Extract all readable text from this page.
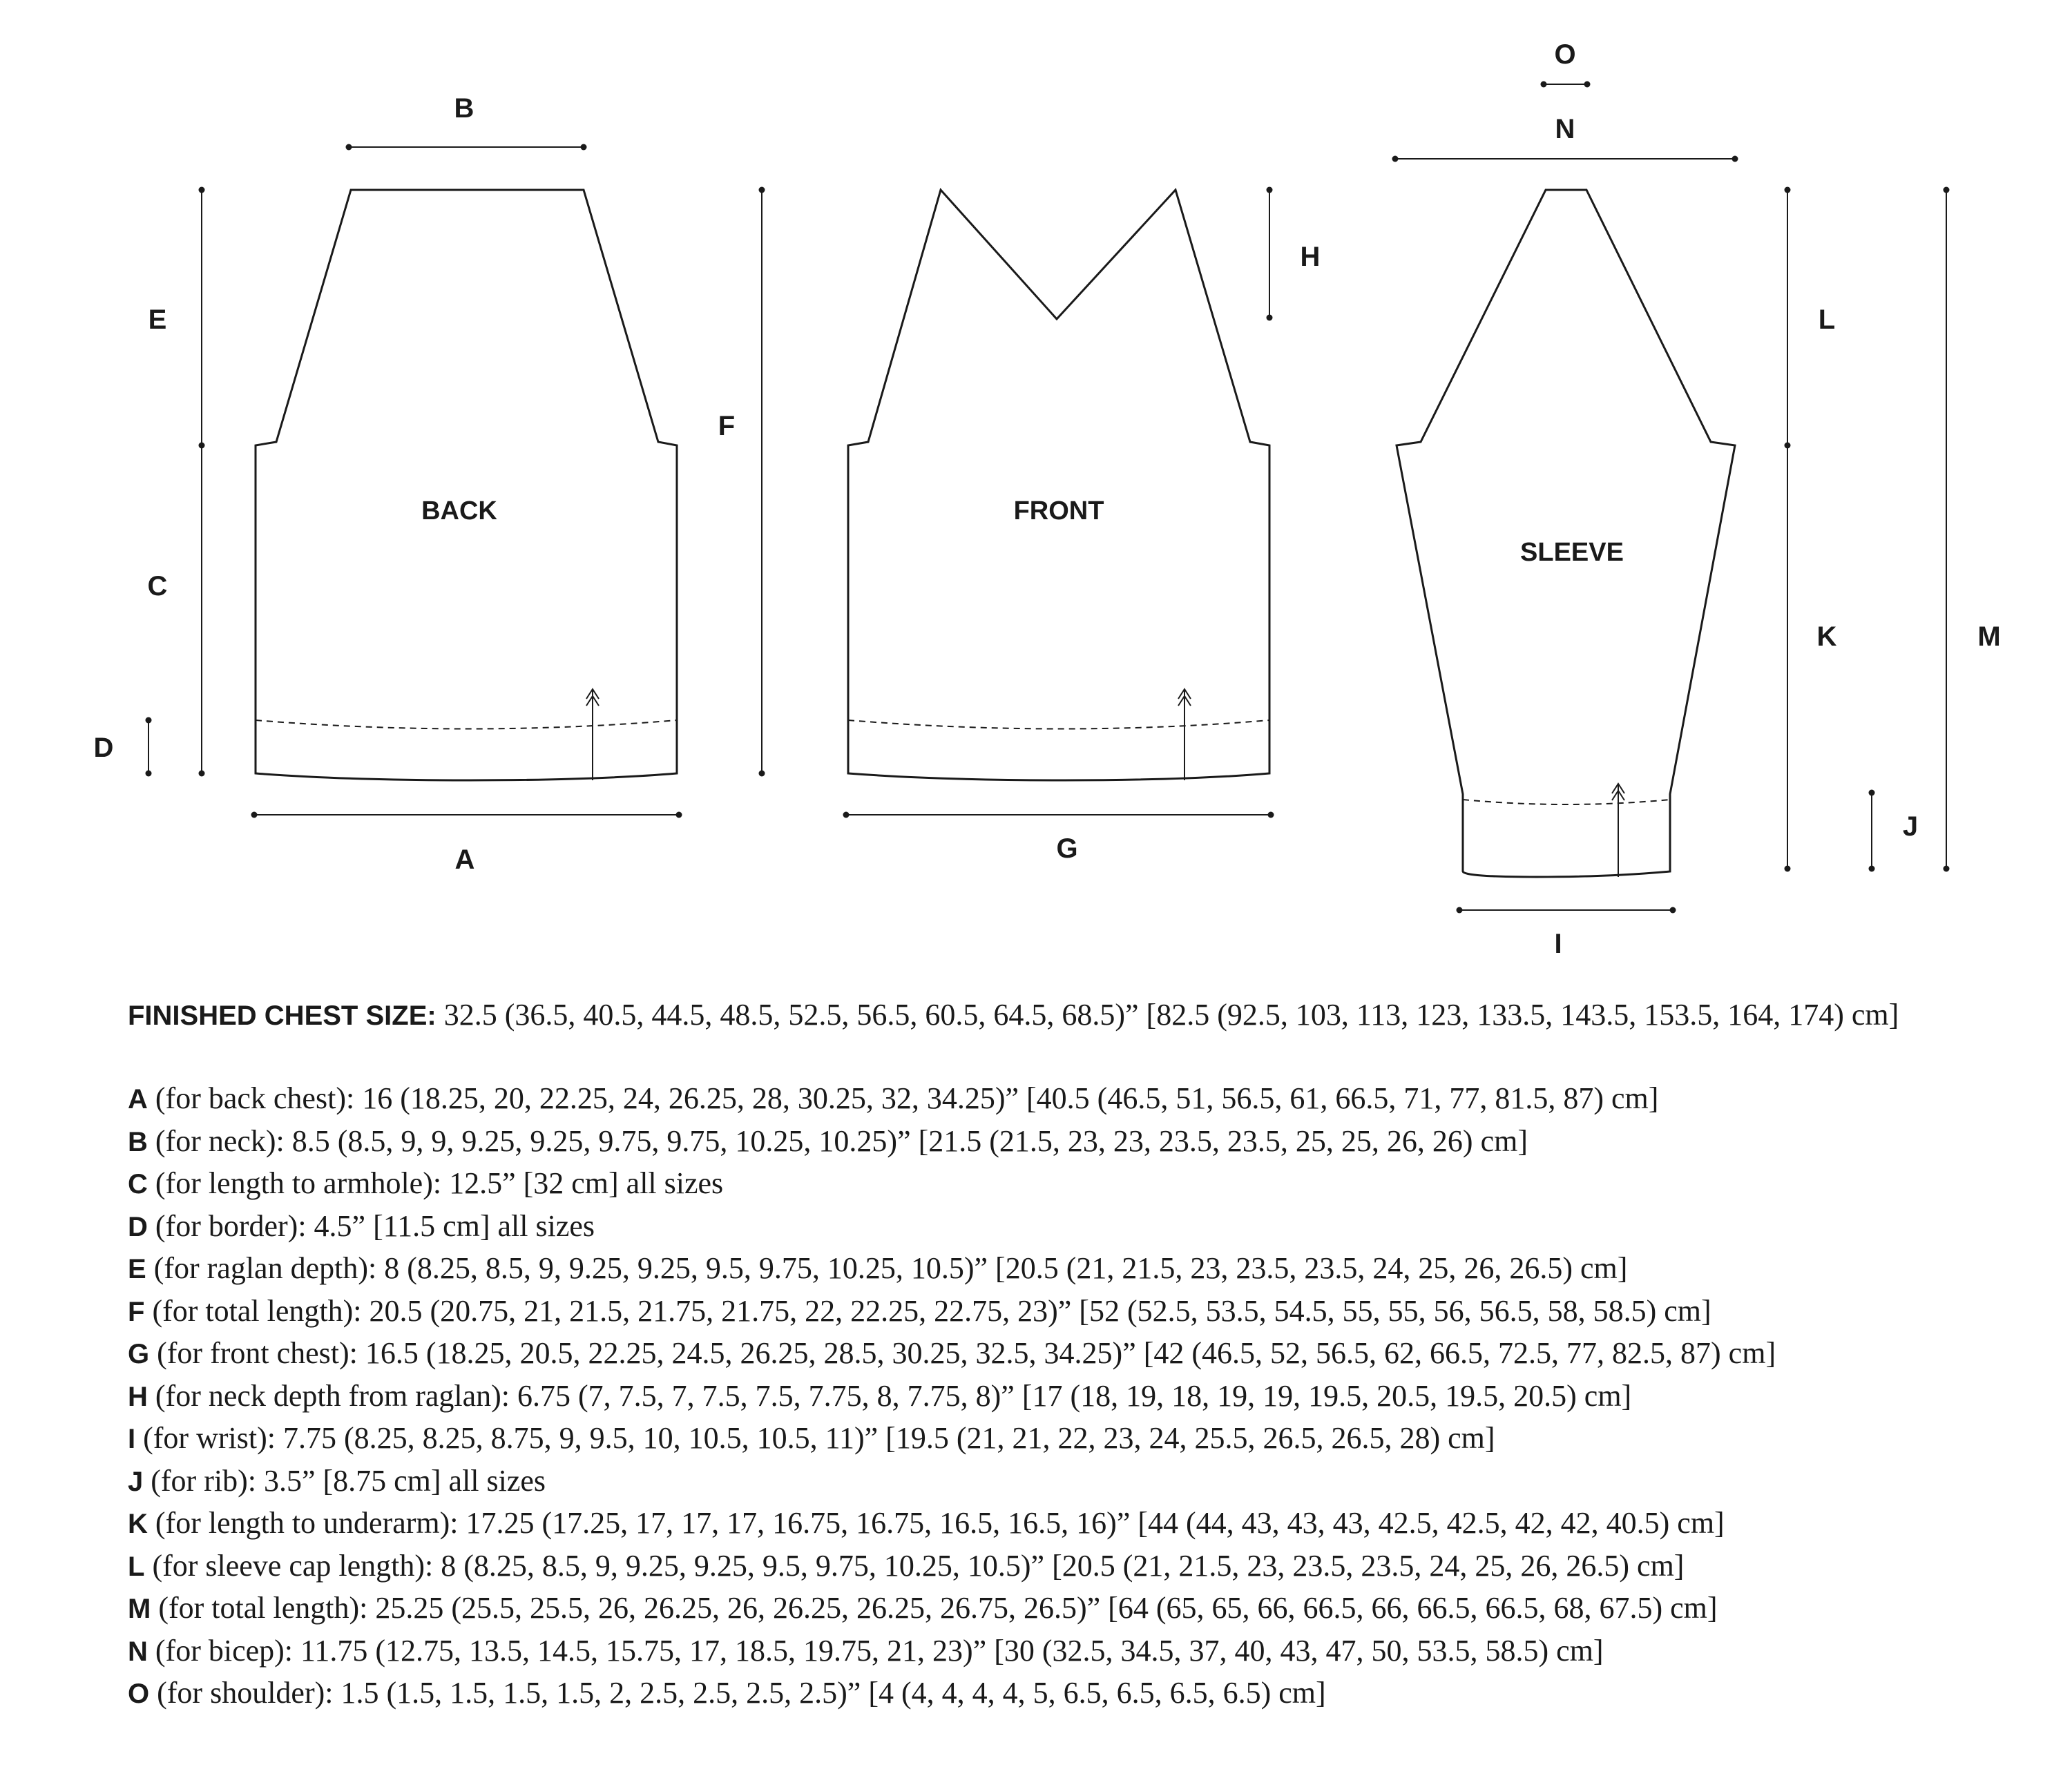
BACK	FRONT
SLEEVE
B
E
C
D
A
F
G
H
O
N
L
K
J
M
I
FINISHED CHEST SIZE: 32.5 (36.5, 40.5, 44.5, 48.5, 52.5, 56.5, 60.5, 64.5, 68.5)” [82.5 (92.5, 103, 113, 123, 133.5, 143.5, 153.5, 164, 174) cm]
A (for back chest): 16 (18.25, 20, 22.25, 24, 26.25, 28, 30.25, 32, 34.25)” [40.5 (46.5, 51, 56.5, 61, 66.5, 71, 77, 81.5, 87) cm]
B (for neck): 8.5 (8.5, 9, 9, 9.25, 9.25, 9.75, 9.75, 10.25, 10.25)” [21.5 (21.5, 23, 23, 23.5, 23.5, 25, 25, 26, 26) cm]
C (for length to armhole): 12.5” [32 cm] all sizes
D (for border): 4.5” [11.5 cm] all sizes
E (for raglan depth): 8 (8.25, 8.5, 9, 9.25, 9.25, 9.5, 9.75, 10.25, 10.5)” [20.5 (21, 21.5, 23, 23.5, 23.5, 24, 25, 26, 26.5) cm]
F (for total length): 20.5 (20.75, 21, 21.5, 21.75, 21.75, 22, 22.25, 22.75, 23)” [52 (52.5, 53.5, 54.5, 55, 55, 56, 56.5, 58, 58.5) cm]
G (for front chest): 16.5 (18.25, 20.5, 22.25, 24.5, 26.25, 28.5, 30.25, 32.5, 34.25)” [42 (46.5, 52, 56.5, 62, 66.5, 72.5, 77, 82.5, 87) cm]
H (for neck depth from raglan): 6.75 (7, 7.5, 7, 7.5, 7.5, 7.75, 8, 7.75, 8)” [17 (18, 19, 18, 19, 19, 19.5, 20.5, 19.5, 20.5) cm]
I (for wrist): 7.75 (8.25, 8.25, 8.75, 9, 9.5, 10, 10.5, 10.5, 11)” [19.5 (21, 21, 22, 23, 24, 25.5, 26.5, 26.5, 28) cm]
J (for rib): 3.5” [8.75 cm] all sizes
K (for length to underarm): 17.25 (17.25, 17, 17, 17, 16.75, 16.75, 16.5, 16.5, 16)” [44 (44, 43, 43, 43, 42.5, 42.5, 42, 42, 40.5) cm]
L (for sleeve cap length): 8 (8.25, 8.5, 9, 9.25, 9.25, 9.5, 9.75, 10.25, 10.5)” [20.5 (21, 21.5, 23, 23.5, 23.5, 24, 25, 26, 26.5) cm]
M (for total length): 25.25 (25.5, 25.5, 26, 26.25, 26, 26.25, 26.25, 26.75, 26.5)” [64 (65, 65, 66, 66.5, 66, 66.5, 66.5, 68, 67.5) cm]
N (for bicep): 11.75 (12.75, 13.5, 14.5, 15.75, 17, 18.5, 19.75, 21, 23)” [30 (32.5, 34.5, 37, 40, 43, 47, 50, 53.5, 58.5) cm]
O (for shoulder): 1.5 (1.5, 1.5, 1.5, 1.5, 2, 2.5, 2.5, 2.5, 2.5)” [4 (4, 4, 4, 4, 5, 6.5, 6.5, 6.5, 6.5) cm]
